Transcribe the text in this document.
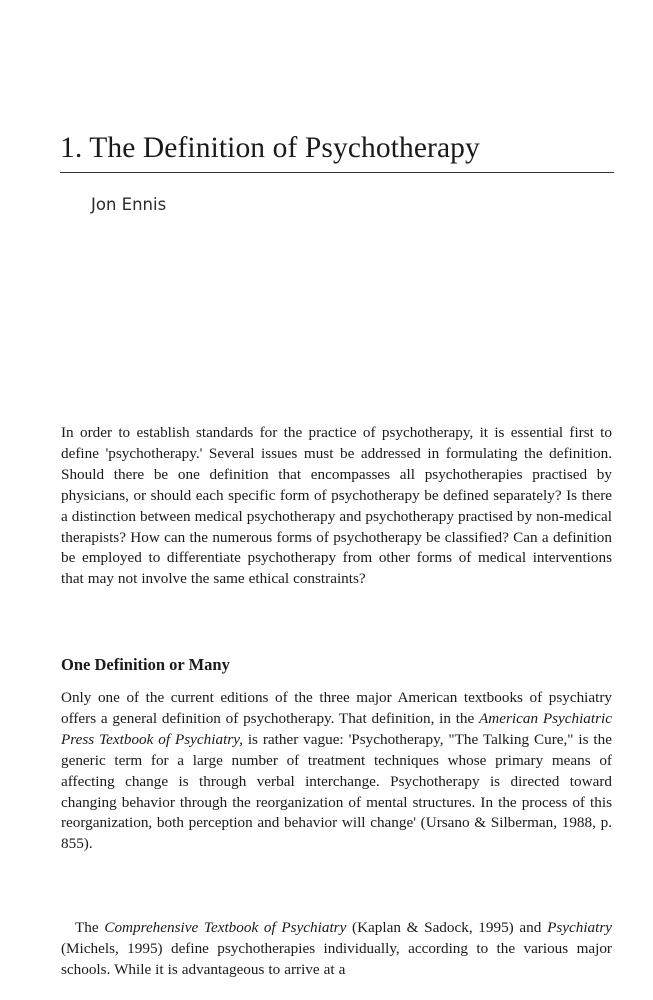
1. The Definition of Psychotherapy
Jon Ennis

In order to establish standards for the practice of psychotherapy, it is essential first to define 'psychotherapy.' Several issues must be addressed in formulating the definition. Should there be one definition that encompasses all psychotherapies practised by physicians, or should each specific form of psychotherapy be defined separately? Is there a distinction between medical psychotherapy and psychotherapy practised by non-medical therapists? How can the numerous forms of psychotherapy be classified? Can a definition be employed to differentiate psychotherapy from other forms of medical interventions that may not involve the same ethical constraints?

One Definition or Many

Only one of the current editions of the three major American textbooks of psychiatry offers a general definition of psychotherapy. That definition, in the American Psychiatric Press Textbook of Psychiatry, is rather vague: 'Psychotherapy, "The Talking Cure," is the generic term for a large number of treatment techniques whose primary means of affecting change is through verbal interchange. Psychotherapy is directed toward changing behavior through the reorganization of mental structures. In the process of this reorganization, both perception and behavior will change' (Ursano & Silberman, 1988, p. 855).

The Comprehensive Textbook of Psychiatry (Kaplan & Sadock, 1995) and Psychiatry (Michels, 1995) define psychotherapies individually, according to the various major schools. While it is advantageous to arrive at a
